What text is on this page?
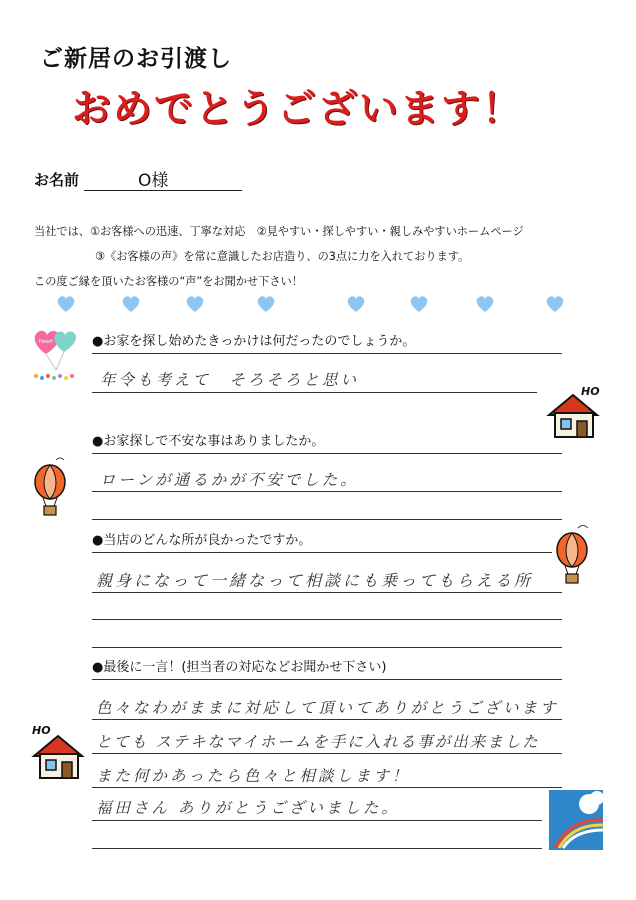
ご新居のお引渡し
おめでとうございます！
お名前	O様
当社では、①お客様への迅速、丁寧な対応　②見やすい・探しやすい・親しみやすいホームページ
③《お客様の声》を常に意識したお店造り、の3点に力を入れております。
この度ご縁を頂いたお客様の“声”をお聞かせ下さい！
Heart	●お家を探し始めたきっかけは何だったのでしょうか。
年令も考えて　そろそろと思い
HO
●お家探しで不安な事はありましたか。
ローンが通るかが不安でした。
●当店のどんな所が良かったですか。
親身になって一緒なって相談にも乗ってもらえる所
●最後に一言！(担当者の対応などお聞かせ下さい)
色々なわがままに対応して頂いてありがとうございます
とても ステキなマイホームを手に入れる事が出来ました
また何かあったら色々と相談します！
福田さん ありがとうございました。
HO
